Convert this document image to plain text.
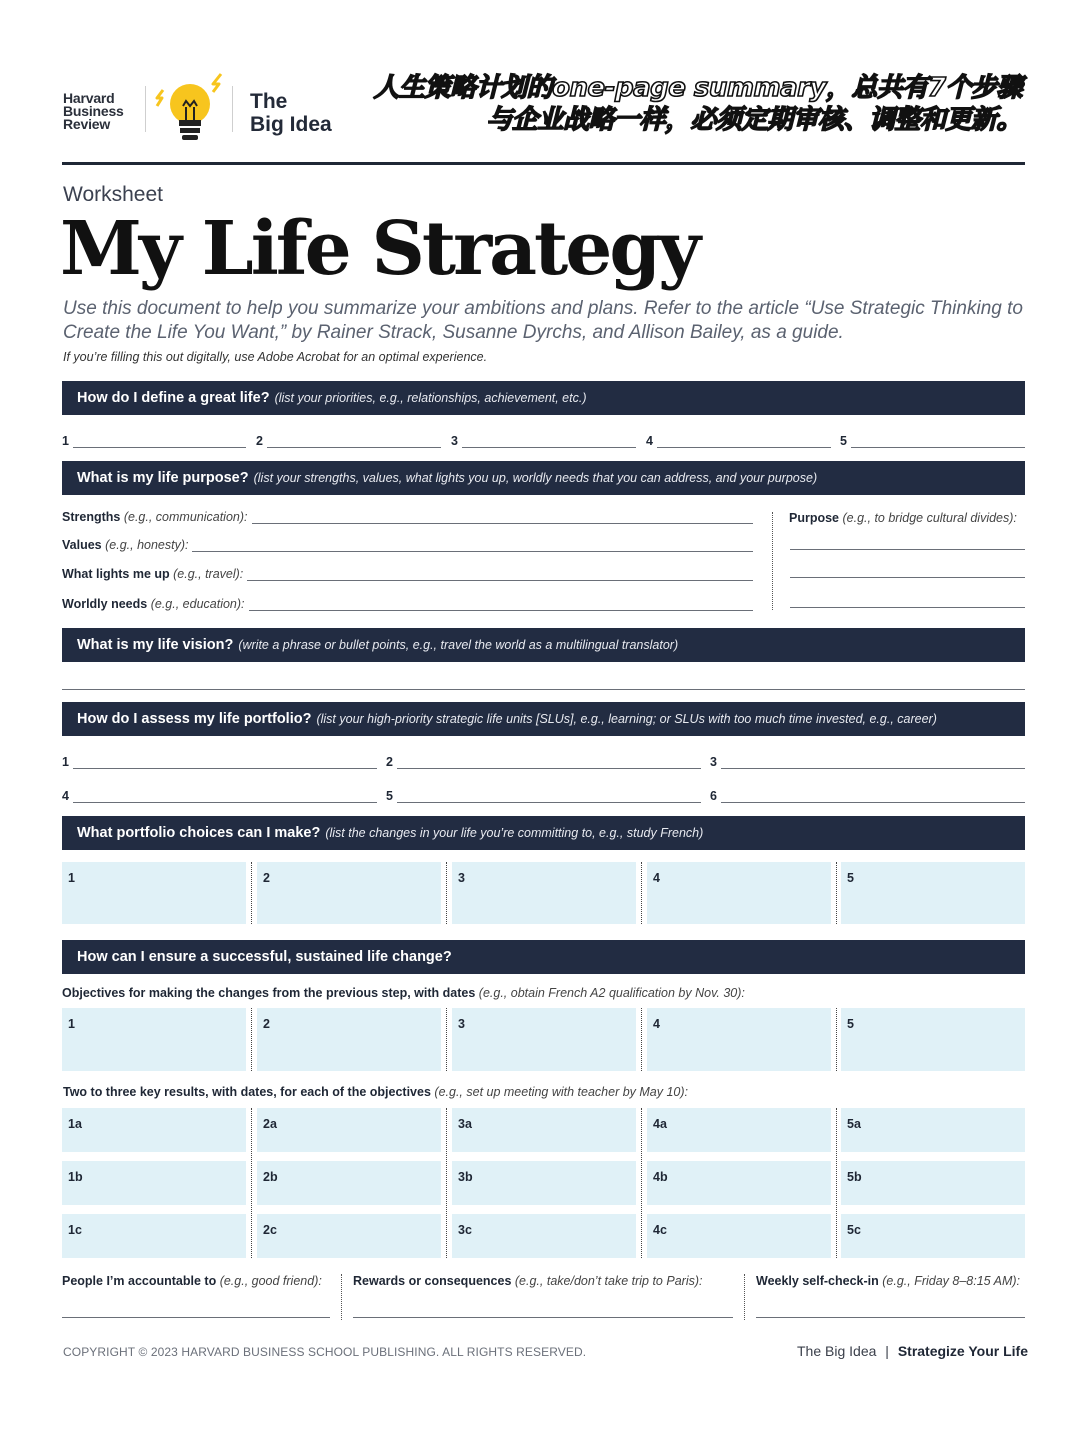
Harvard
Business
Review
The
Big Idea
人生策略计划的one-page summary，总共有7个步骤
与企业战略一样，必须定期审核、调整和更新。
Worksheet
My Life Strategy
Use this document to help you summarize your ambitions and plans. Refer to the article “Use Strategic Thinking to Create the Life You Want,” by Rainer Strack, Susanne Dyrchs, and Allison Bailey, as a guide.
If you’re filling this out digitally, use Adobe Acrobat for an optimal experience.
How do I define a great life? (list your priorities, e.g., relationships, achievement, etc.)
1	2	3	4	5
What is my life purpose? (list your strengths, values, what lights you up, worldly needs that you can address, and your purpose)
Strengths (e.g., communication):
Values (e.g., honesty):
What lights me up (e.g., travel):
Worldly needs (e.g., education):
Purpose (e.g., to bridge cultural divides):
What is my life vision? (write a phrase or bullet points, e.g., travel the world as a multilingual translator)
How do I assess my life portfolio? (list your high-priority strategic life units [SLUs], e.g., learning; or SLUs with too much time invested, e.g., career)
1	2	3
4	5	6
What portfolio choices can I make? (list the changes in your life you’re committing to, e.g., study French)
1	2	3	4	5
How can I ensure a successful, sustained life change?
Objectives for making the changes from the previous step, with dates (e.g., obtain French A2 qualification by Nov. 30):
1	2	3	4	5
Two to three key results, with dates, for each of the objectives (e.g., set up meeting with teacher by May 10):
1a	2a	3a	4a	5a
1b	2b	3b	4b	5b
1c	2c	3c	4c	5c
People I’m accountable to (e.g., good friend): Rewards or consequences (e.g., take/don’t take trip to Paris):	Weekly self-check-in (e.g., Friday 8–8:15 AM):
COPYRIGHT © 2023 HARVARD BUSINESS SCHOOL PUBLISHING. ALL RIGHTS RESERVED.	The Big Idea | Strategize Your Life
